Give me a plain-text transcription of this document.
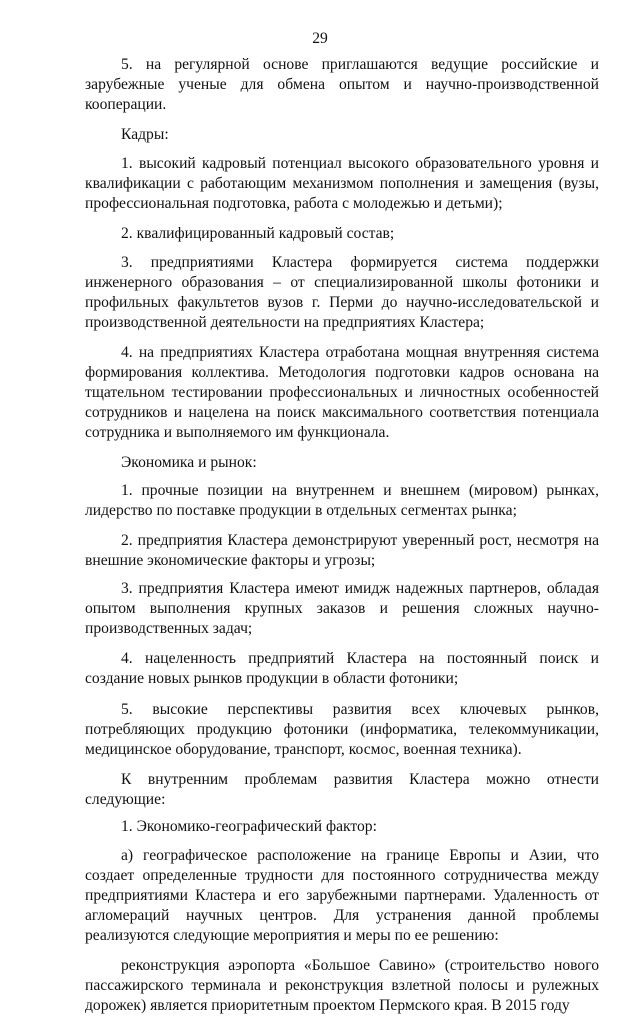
29

5. на регулярной основе приглашаются ведущие российские и зарубежные ученые для обмена опытом и научно-производственной кооперации.

Кадры:

1. высокий кадровый потенциал высокого образовательного уровня и квалификации с работающим механизмом пополнения и замещения (вузы, профессиональная подготовка, работа с молодежью и детьми);

2. квалифицированный кадровый состав;

3. предприятиями Кластера формируется система поддержки инженерного образования – от специализированной школы фотоники и профильных факультетов вузов г. Перми до научно-исследовательской и производственной деятельности на предприятиях Кластера;

4. на предприятиях Кластера отработана мощная внутренняя система формирования коллектива. Методология подготовки кадров основана на тщательном тестировании профессиональных и личностных особенностей сотрудников и нацелена на поиск максимального соответствия потенциала сотрудника и выполняемого им функционала.

Экономика и рынок:

1. прочные позиции на внутреннем и внешнем (мировом) рынках, лидерство по поставке продукции в отдельных сегментах рынка;

2. предприятия Кластера демонстрируют уверенный рост, несмотря на внешние экономические факторы и угрозы;

3. предприятия Кластера имеют имидж надежных партнеров, обладая опытом выполнения крупных заказов и решения сложных научно-производственных задач;

4. нацеленность предприятий Кластера на постоянный поиск и создание новых рынков продукции в области фотоники;

5. высокие перспективы развития всех ключевых рынков, потребляющих продукцию фотоники (информатика, телекоммуникации, медицинское оборудование, транспорт, космос, военная техника).

К внутренним проблемам развития Кластера можно отнести следующие:

1. Экономико-географический фактор:

а) географическое расположение на границе Европы и Азии, что создает определенные трудности для постоянного сотрудничества между предприятиями Кластера и его зарубежными партнерами. Удаленность от агломераций научных центров. Для устранения данной проблемы реализуются следующие мероприятия и меры по ее решению:

реконструкция аэропорта «Большое Савино» (строительство нового пассажирского терминала и реконструкция взлетной полосы и рулежных дорожек) является приоритетным проектом Пермского края. В 2015 году
